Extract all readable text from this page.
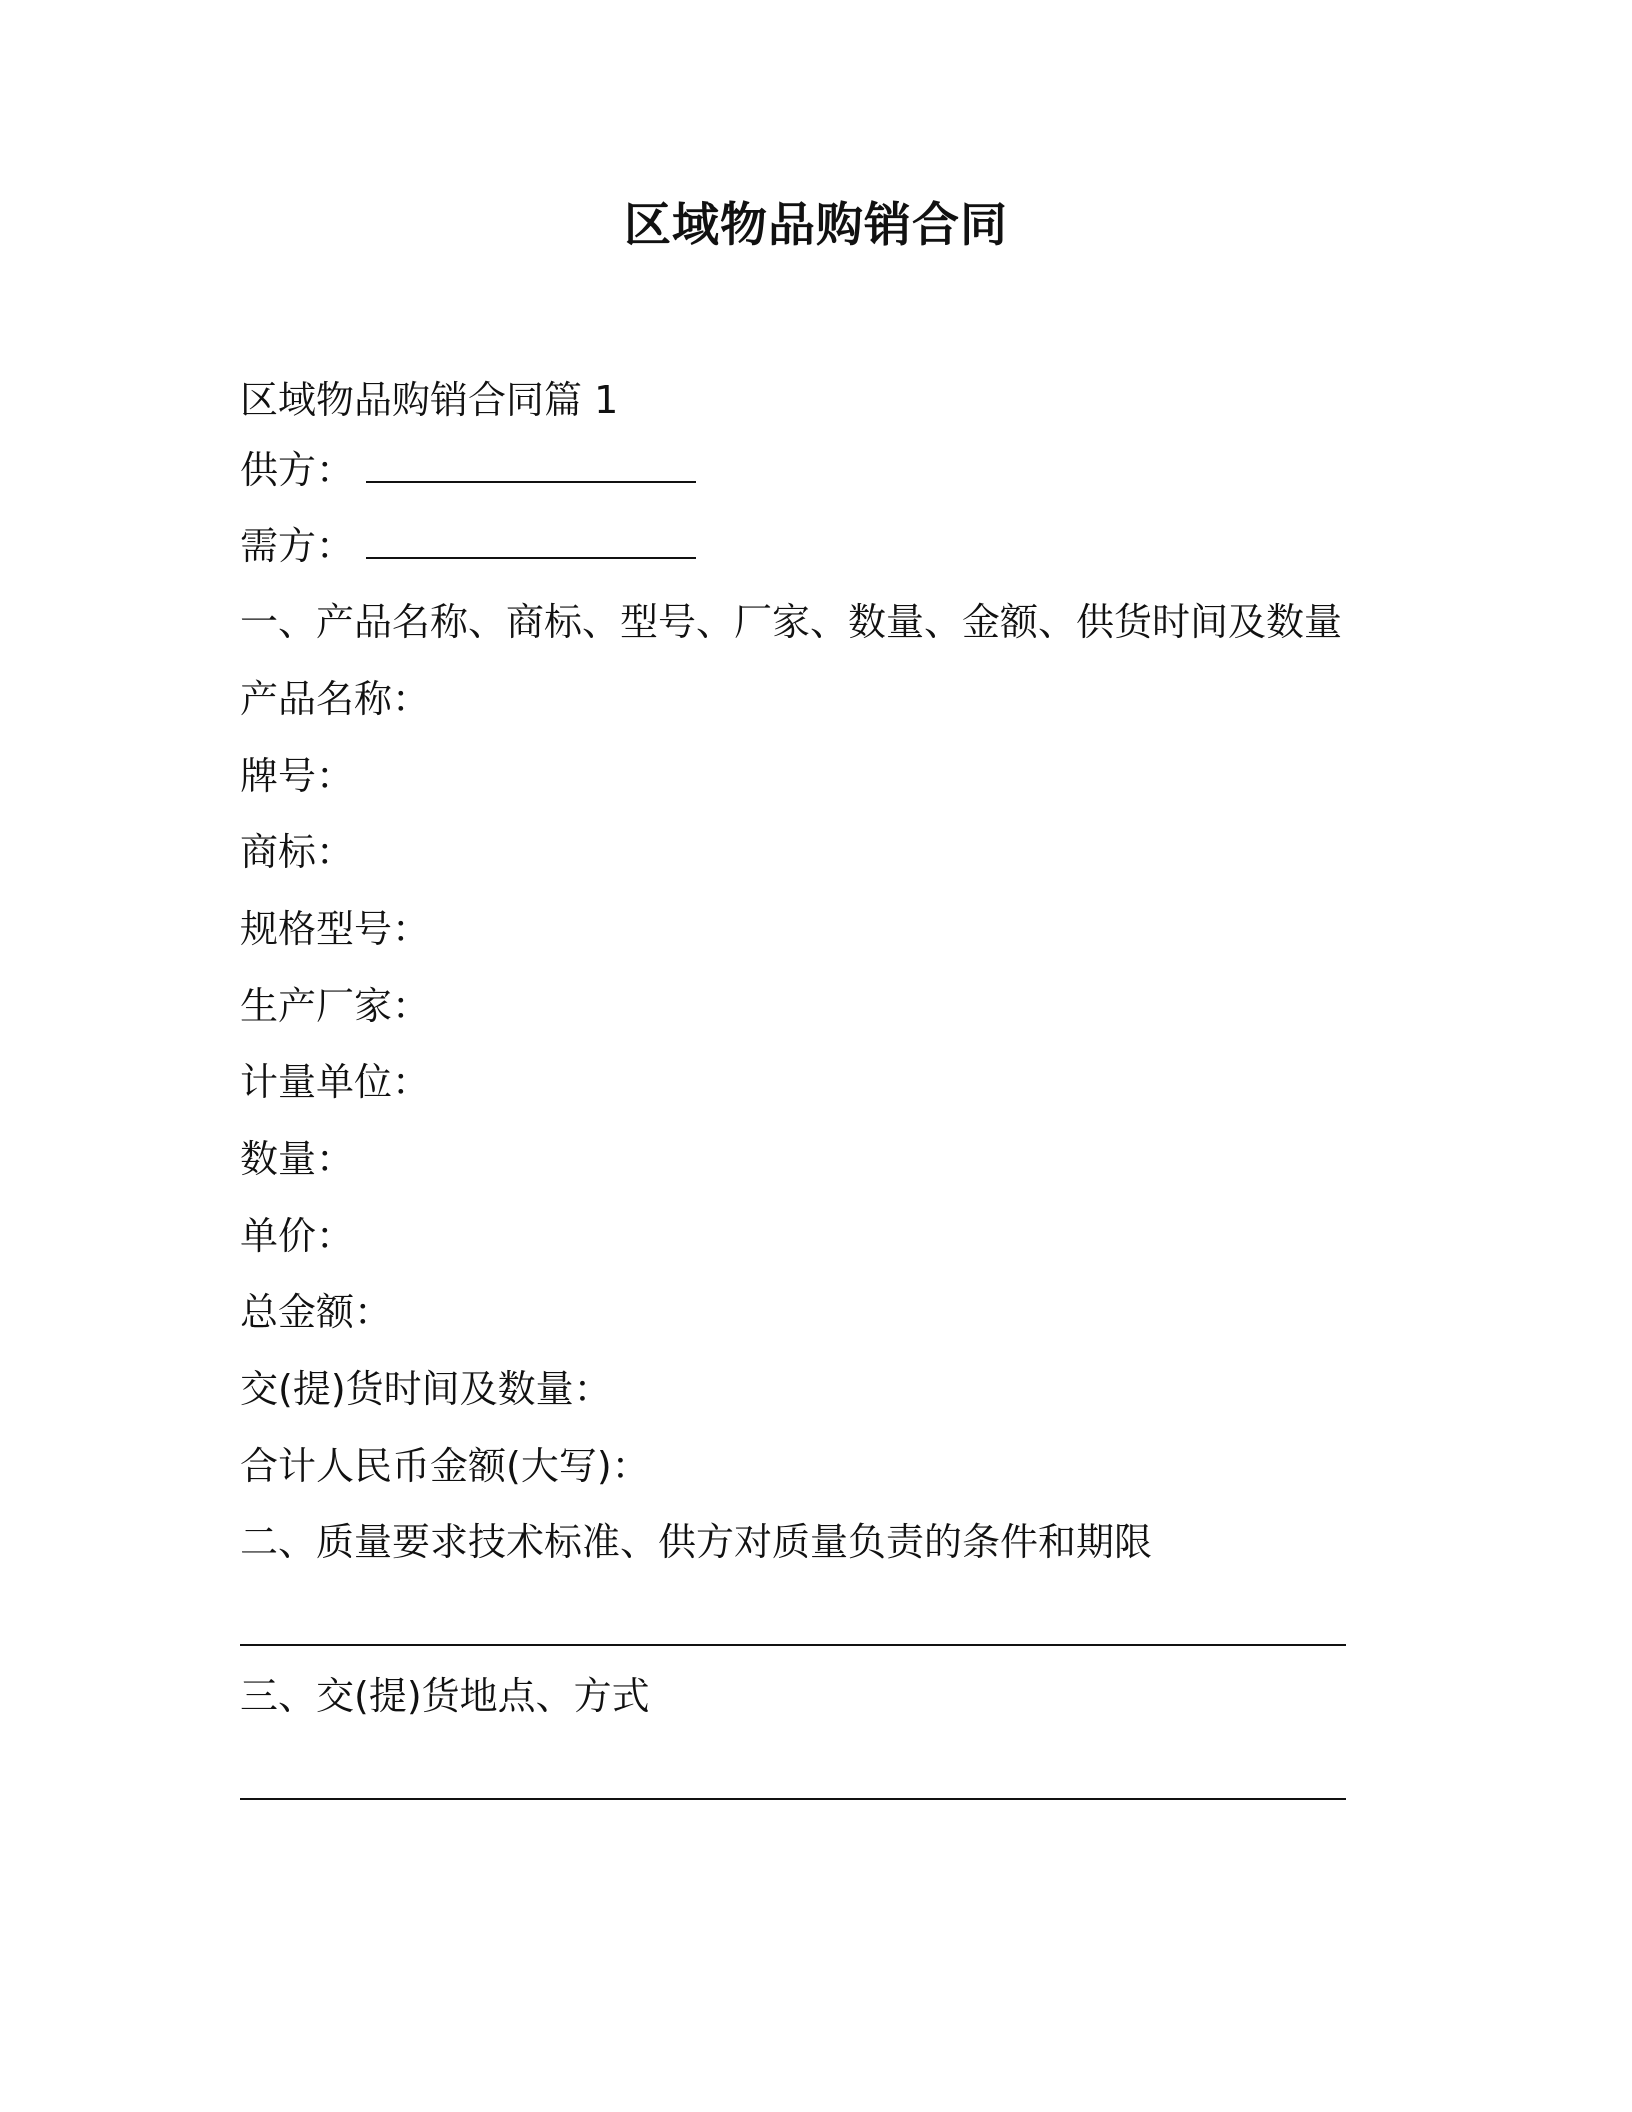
区域物品购销合同
区域物品购销合同篇 1
供方：
需方：
一、产品名称、商标、型号、厂家、数量、金额、供货时间及数量
产品名称：
牌号：
商标：
规格型号：
生产厂家：
计量单位：
数量：
单价：
总金额：
交(提)货时间及数量：
合计人民币金额(大写)：
二、质量要求技术标准、供方对质量负责的条件和期限
三、交(提)货地点、方式
